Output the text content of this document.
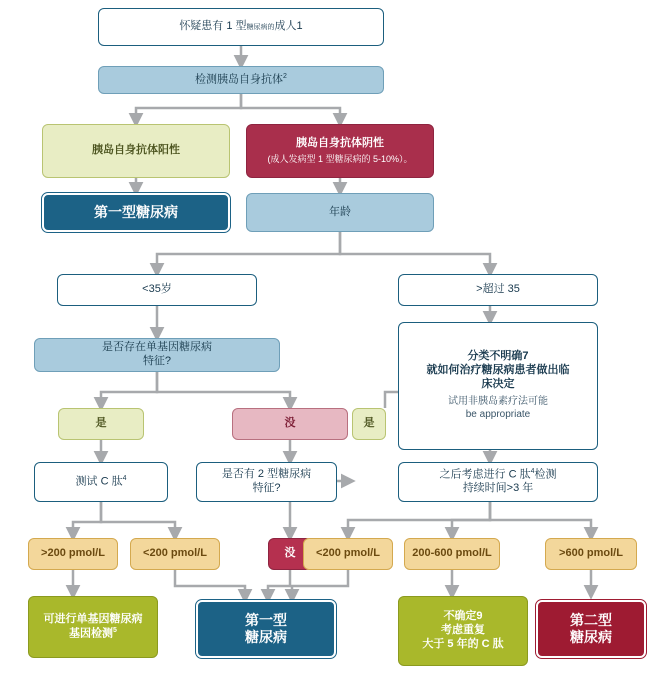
怀疑患有 1 型糖尿病的成人1
检测胰岛自身抗体$^2$
胰岛自身抗体阳性
胰岛自身抗体阴性
(成人发病型 1 型糖尿病的 5-10%）。
第一型糖尿病	年龄
<35岁	>超过 35
是否存在单基因糖尿病
特征?	分类不明确7
就如何治疗糖尿病患者做出临
床决定
试用非胰岛素疗法可能
be appropriate
是	没	是
测试 C 肽$^4$	是否有 2 型糖尿病
特征?
之后考虑进行 C 肽$^4$检测
持续时间>3 年
>200 pmol/L	<200 pmol/L	没	<200 pmol/L	200-600 pmol/L	>600 pmol/L
可进行单基因糖尿病
基因检测$^5$
第一型
糖尿病
不确定9
考虑重复
大于 5 年的 C 肽
第二型
糖尿病
